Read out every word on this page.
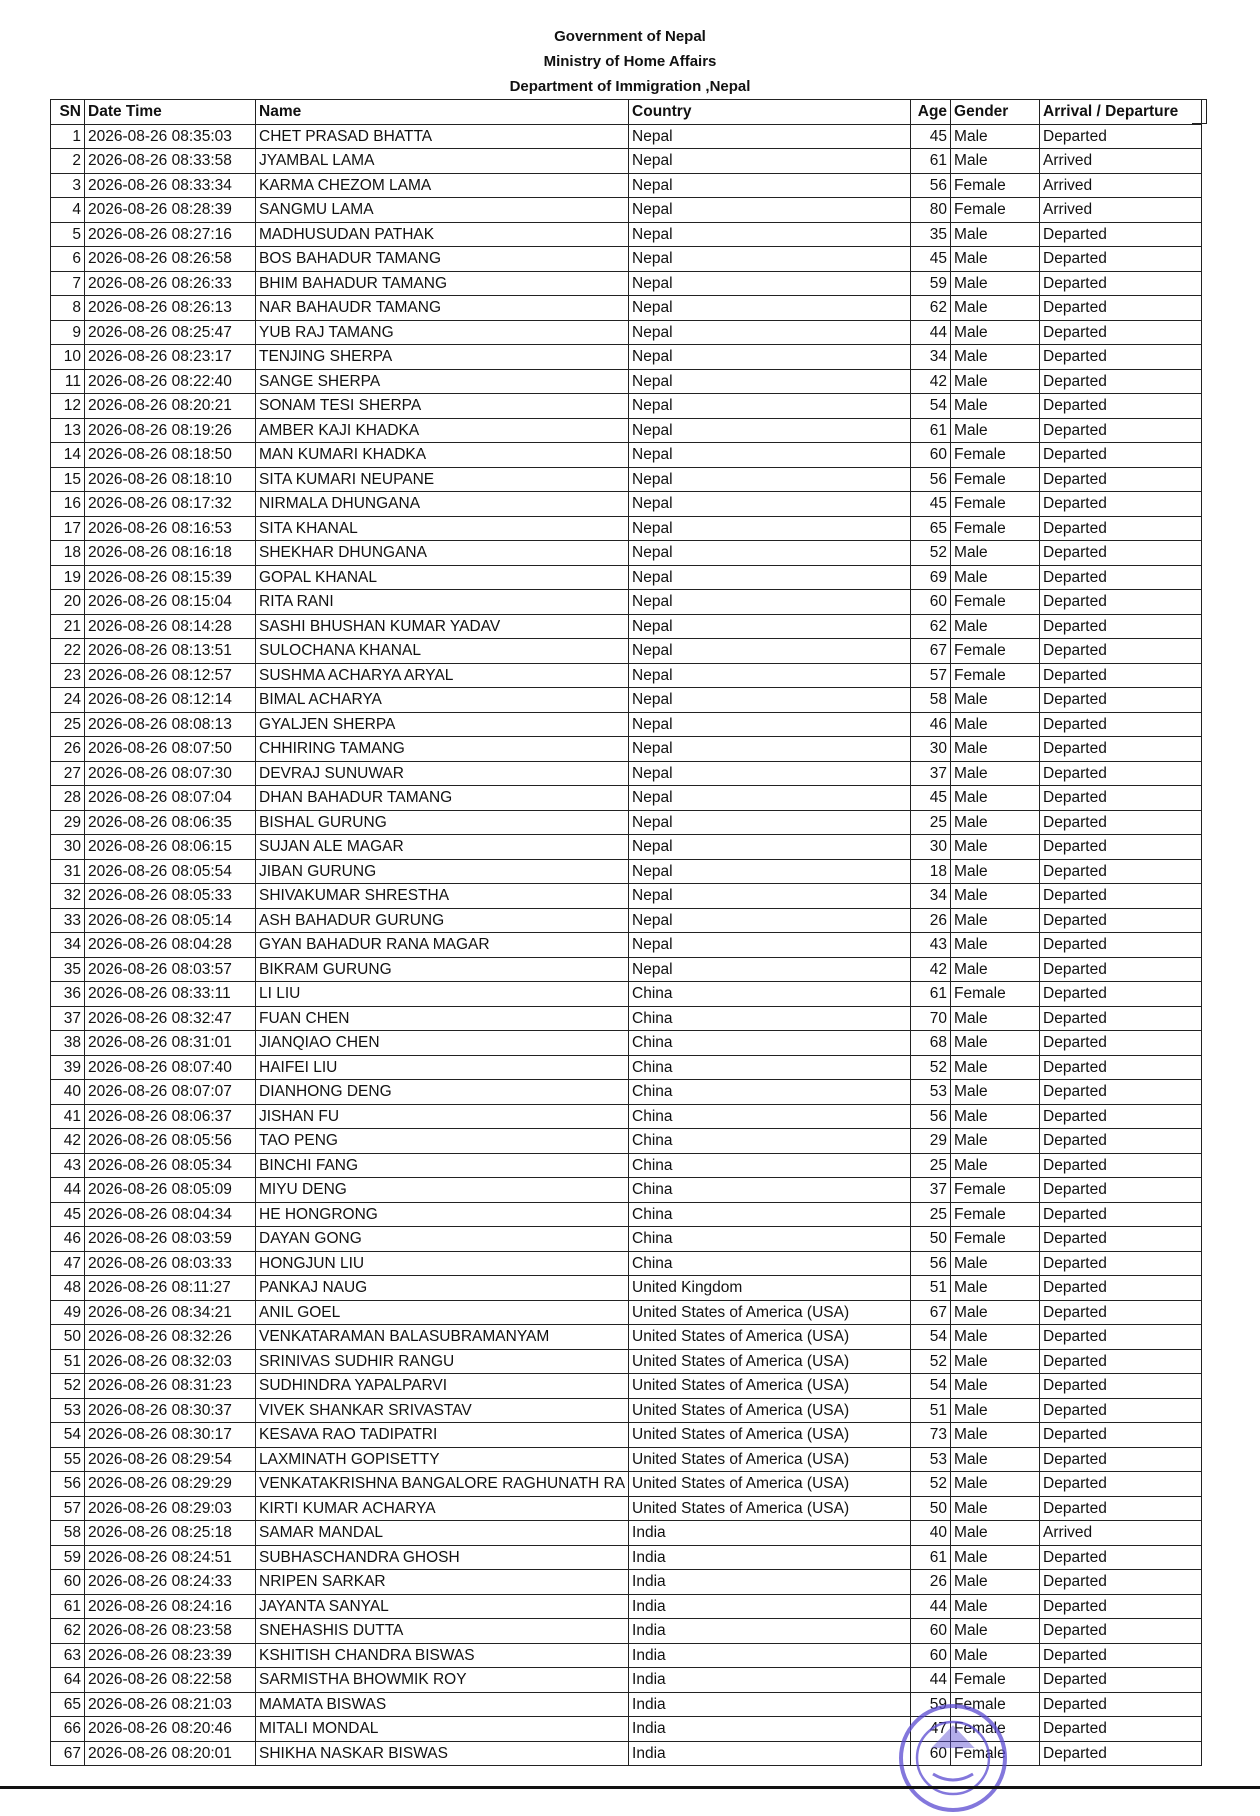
Government of Nepal
Ministry of Home Affairs
Department of Immigration ,Nepal
SN	Date Time	Name	Country	Age	Gender	Arrival / Departure
1	2026-08-26 08:35:03	CHET PRASAD BHATTA	Nepal	45	Male	Departed
2	2026-08-26 08:33:58	JYAMBAL LAMA	Nepal	61	Male	Arrived
3	2026-08-26 08:33:34	KARMA CHEZOM LAMA	Nepal	56	Female	Arrived
4	2026-08-26 08:28:39	SANGMU LAMA	Nepal	80	Female	Arrived
5	2026-08-26 08:27:16	MADHUSUDAN PATHAK	Nepal	35	Male	Departed
6	2026-08-26 08:26:58	BOS BAHADUR TAMANG	Nepal	45	Male	Departed
7	2026-08-26 08:26:33	BHIM BAHADUR TAMANG	Nepal	59	Male	Departed
8	2026-08-26 08:26:13	NAR BAHAUDR TAMANG	Nepal	62	Male	Departed
9	2026-08-26 08:25:47	YUB RAJ TAMANG	Nepal	44	Male	Departed
10	2026-08-26 08:23:17	TENJING SHERPA	Nepal	34	Male	Departed
11	2026-08-26 08:22:40	SANGE SHERPA	Nepal	42	Male	Departed
12	2026-08-26 08:20:21	SONAM TESI SHERPA	Nepal	54	Male	Departed
13	2026-08-26 08:19:26	AMBER KAJI KHADKA	Nepal	61	Male	Departed
14	2026-08-26 08:18:50	MAN KUMARI KHADKA	Nepal	60	Female	Departed
15	2026-08-26 08:18:10	SITA KUMARI NEUPANE	Nepal	56	Female	Departed
16	2026-08-26 08:17:32	NIRMALA DHUNGANA	Nepal	45	Female	Departed
17	2026-08-26 08:16:53	SITA KHANAL	Nepal	65	Female	Departed
18	2026-08-26 08:16:18	SHEKHAR DHUNGANA	Nepal	52	Male	Departed
19	2026-08-26 08:15:39	GOPAL KHANAL	Nepal	69	Male	Departed
20	2026-08-26 08:15:04	RITA RANI	Nepal	60	Female	Departed
21	2026-08-26 08:14:28	SASHI BHUSHAN KUMAR YADAV	Nepal	62	Male	Departed
22	2026-08-26 08:13:51	SULOCHANA KHANAL	Nepal	67	Female	Departed
23	2026-08-26 08:12:57	SUSHMA ACHARYA ARYAL	Nepal	57	Female	Departed
24	2026-08-26 08:12:14	BIMAL ACHARYA	Nepal	58	Male	Departed
25	2026-08-26 08:08:13	GYALJEN SHERPA	Nepal	46	Male	Departed
26	2026-08-26 08:07:50	CHHIRING TAMANG	Nepal	30	Male	Departed
27	2026-08-26 08:07:30	DEVRAJ SUNUWAR	Nepal	37	Male	Departed
28	2026-08-26 08:07:04	DHAN BAHADUR TAMANG	Nepal	45	Male	Departed
29	2026-08-26 08:06:35	BISHAL GURUNG	Nepal	25	Male	Departed
30	2026-08-26 08:06:15	SUJAN ALE MAGAR	Nepal	30	Male	Departed
31	2026-08-26 08:05:54	JIBAN GURUNG	Nepal	18	Male	Departed
32	2026-08-26 08:05:33	SHIVAKUMAR SHRESTHA	Nepal	34	Male	Departed
33	2026-08-26 08:05:14	ASH BAHADUR GURUNG	Nepal	26	Male	Departed
34	2026-08-26 08:04:28	GYAN BAHADUR RANA MAGAR	Nepal	43	Male	Departed
35	2026-08-26 08:03:57	BIKRAM GURUNG	Nepal	42	Male	Departed
36	2026-08-26 08:33:11	LI LIU	China	61	Female	Departed
37	2026-08-26 08:32:47	FUAN CHEN	China	70	Male	Departed
38	2026-08-26 08:31:01	JIANQIAO CHEN	China	68	Male	Departed
39	2026-08-26 08:07:40	HAIFEI LIU	China	52	Male	Departed
40	2026-08-26 08:07:07	DIANHONG DENG	China	53	Male	Departed
41	2026-08-26 08:06:37	JISHAN FU	China	56	Male	Departed
42	2026-08-26 08:05:56	TAO PENG	China	29	Male	Departed
43	2026-08-26 08:05:34	BINCHI FANG	China	25	Male	Departed
44	2026-08-26 08:05:09	MIYU DENG	China	37	Female	Departed
45	2026-08-26 08:04:34	HE HONGRONG	China	25	Female	Departed
46	2026-08-26 08:03:59	DAYAN GONG	China	50	Female	Departed
47	2026-08-26 08:03:33	HONGJUN LIU	China	56	Male	Departed
48	2026-08-26 08:11:27	PANKAJ NAUG	United Kingdom	51	Male	Departed
49	2026-08-26 08:34:21	ANIL GOEL	United States of America (USA)	67	Male	Departed
50	2026-08-26 08:32:26	VENKATARAMAN BALASUBRAMANYAM	United States of America (USA)	54	Male	Departed
51	2026-08-26 08:32:03	SRINIVAS SUDHIR RANGU	United States of America (USA)	52	Male	Departed
52	2026-08-26 08:31:23	SUDHINDRA YAPALPARVI	United States of America (USA)	54	Male	Departed
53	2026-08-26 08:30:37	VIVEK SHANKAR SRIVASTAV	United States of America (USA)	51	Male	Departed
54	2026-08-26 08:30:17	KESAVA RAO TADIPATRI	United States of America (USA)	73	Male	Departed
55	2026-08-26 08:29:54	LAXMINATH GOPISETTY	United States of America (USA)	53	Male	Departed
56	2026-08-26 08:29:29	VENKATAKRISHNA BANGALORE RAGHUNATH RA	United States of America (USA)	52	Male	Departed
57	2026-08-26 08:29:03	KIRTI KUMAR ACHARYA	United States of America (USA)	50	Male	Departed
58	2026-08-26 08:25:18	SAMAR MANDAL	India	40	Male	Arrived
59	2026-08-26 08:24:51	SUBHASCHANDRA GHOSH	India	61	Male	Departed
60	2026-08-26 08:24:33	NRIPEN SARKAR	India	26	Male	Departed
61	2026-08-26 08:24:16	JAYANTA SANYAL	India	44	Male	Departed
62	2026-08-26 08:23:58	SNEHASHIS DUTTA	India	60	Male	Departed
63	2026-08-26 08:23:39	KSHITISH CHANDRA BISWAS	India	60	Male	Departed
64	2026-08-26 08:22:58	SARMISTHA BHOWMIK ROY	India	44	Female	Departed
65	2026-08-26 08:21:03	MAMATA BISWAS	India	59	Female	Departed
66	2026-08-26 08:20:46	MITALI MONDAL	India	47	Female	Departed
67	2026-08-26 08:20:01	SHIKHA NASKAR BISWAS	India	60	Female	Departed
